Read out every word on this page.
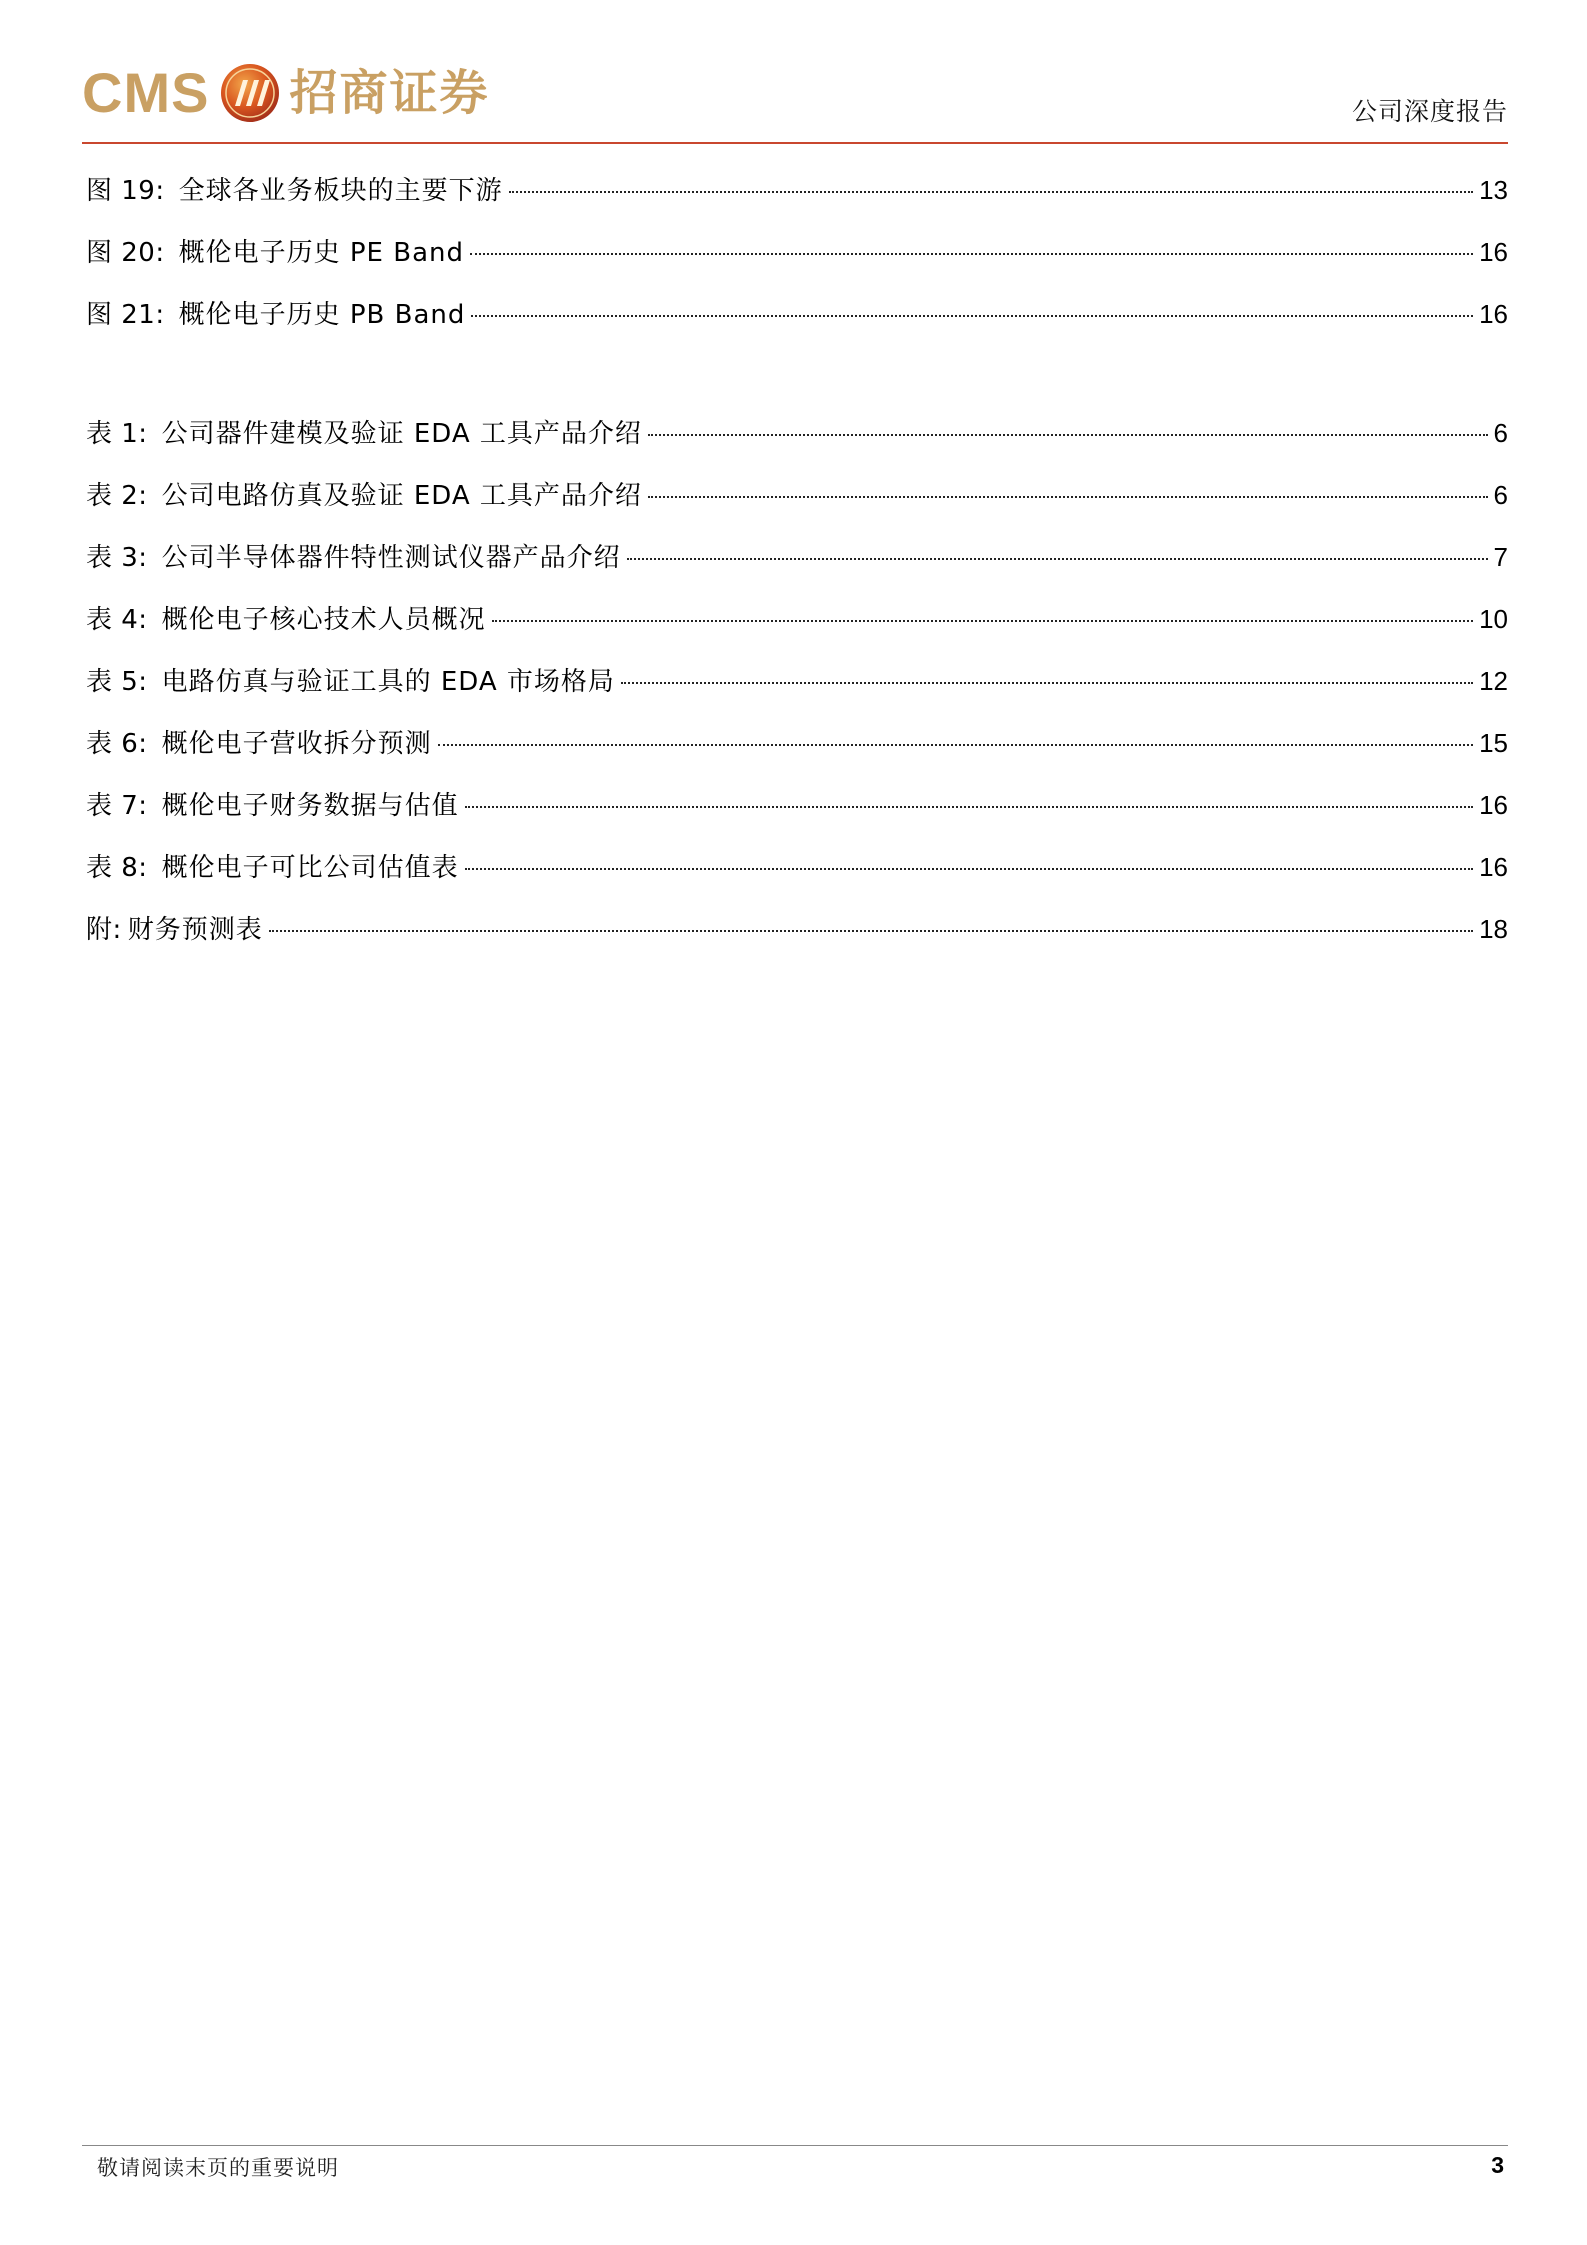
CMS 招商证券	公司深度报告
图 19: 全球各业务板块的主要下游	13
图 20: 概伦电子历史 PE Band	16
图 21: 概伦电子历史 PB Band	16
表 1: 公司器件建模及验证 EDA 工具产品介绍	6
表 2: 公司电路仿真及验证 EDA 工具产品介绍	6
表 3: 公司半导体器件特性测试仪器产品介绍	7
表 4: 概伦电子核心技术人员概况	10
表 5: 电路仿真与验证工具的 EDA 市场格局	12
表 6: 概伦电子营收拆分预测	15
表 7: 概伦电子财务数据与估值	16
表 8: 概伦电子可比公司估值表	16
附: 财务预测表	18
敬请阅读末页的重要说明	3
